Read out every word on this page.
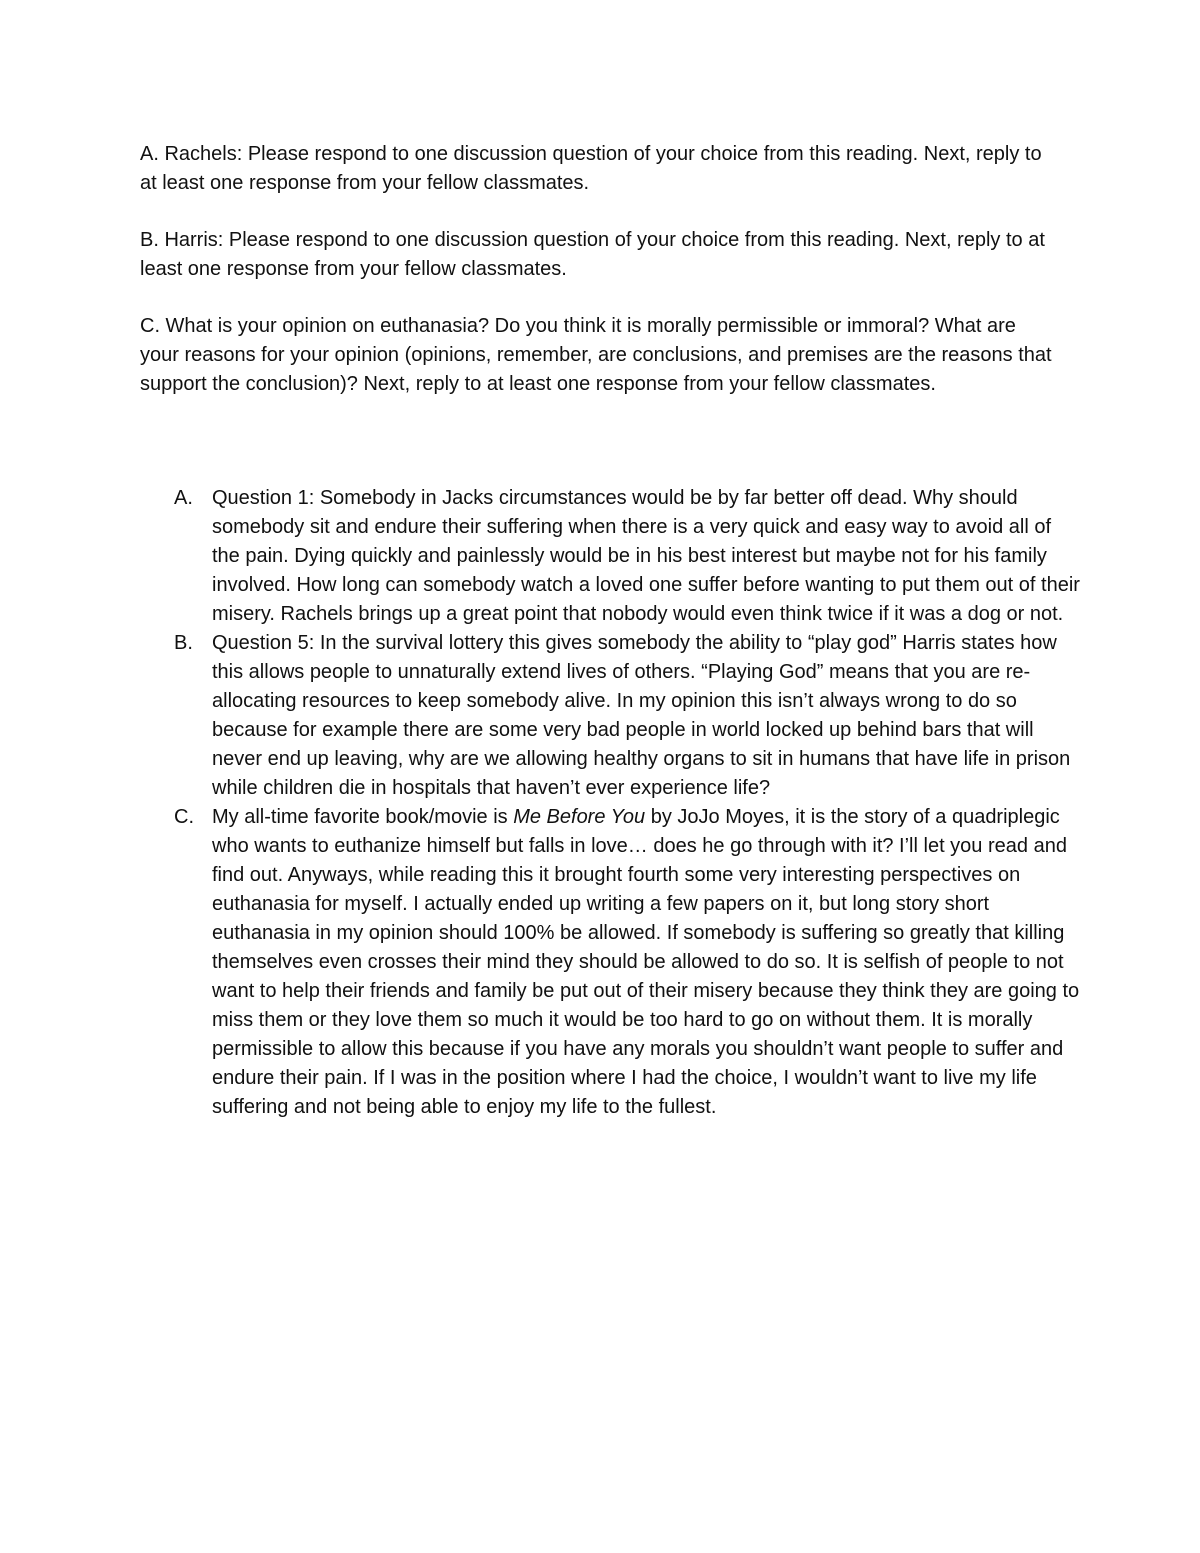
A. Rachels: Please respond to one discussion question of your choice from this reading. Next, reply to at least one response from your fellow classmates.

B. Harris: Please respond to one discussion question of your choice from this reading. Next, reply to at least one response from your fellow classmates.

C. What is your opinion on euthanasia? Do you think it is morally permissible or immoral? What are your reasons for your opinion (opinions, remember, are conclusions, and premises are the reasons that support the conclusion)? Next, reply to at least one response from your fellow classmates.

A. Question 1: Somebody in Jacks circumstances would be by far better off dead. Why should somebody sit and endure their suffering when there is a very quick and easy way to avoid all of the pain. Dying quickly and painlessly would be in his best interest but maybe not for his family involved. How long can somebody watch a loved one suffer before wanting to put them out of their misery. Rachels brings up a great point that nobody would even think twice if it was a dog or not.
B. Question 5: In the survival lottery this gives somebody the ability to “play god” Harris states how this allows people to unnaturally extend lives of others. “Playing God” means that you are re-allocating resources to keep somebody alive. In my opinion this isn’t always wrong to do so because for example there are some very bad people in world locked up behind bars that will never end up leaving, why are we allowing healthy organs to sit in humans that have life in prison while children die in hospitals that haven’t ever experience life?
C. My all-time favorite book/movie is Me Before You by JoJo Moyes, it is the story of a quadriplegic who wants to euthanize himself but falls in love… does he go through with it? I’ll let you read and find out. Anyways, while reading this it brought fourth some very interesting perspectives on euthanasia for myself. I actually ended up writing a few papers on it, but long story short euthanasia in my opinion should 100% be allowed. If somebody is suffering so greatly that killing themselves even crosses their mind they should be allowed to do so. It is selfish of people to not want to help their friends and family be put out of their misery because they think they are going to miss them or they love them so much it would be too hard to go on without them. It is morally permissible to allow this because if you have any morals you shouldn’t want people to suffer and endure their pain. If I was in the position where I had the choice, I wouldn’t want to live my life suffering and not being able to enjoy my life to the fullest.
